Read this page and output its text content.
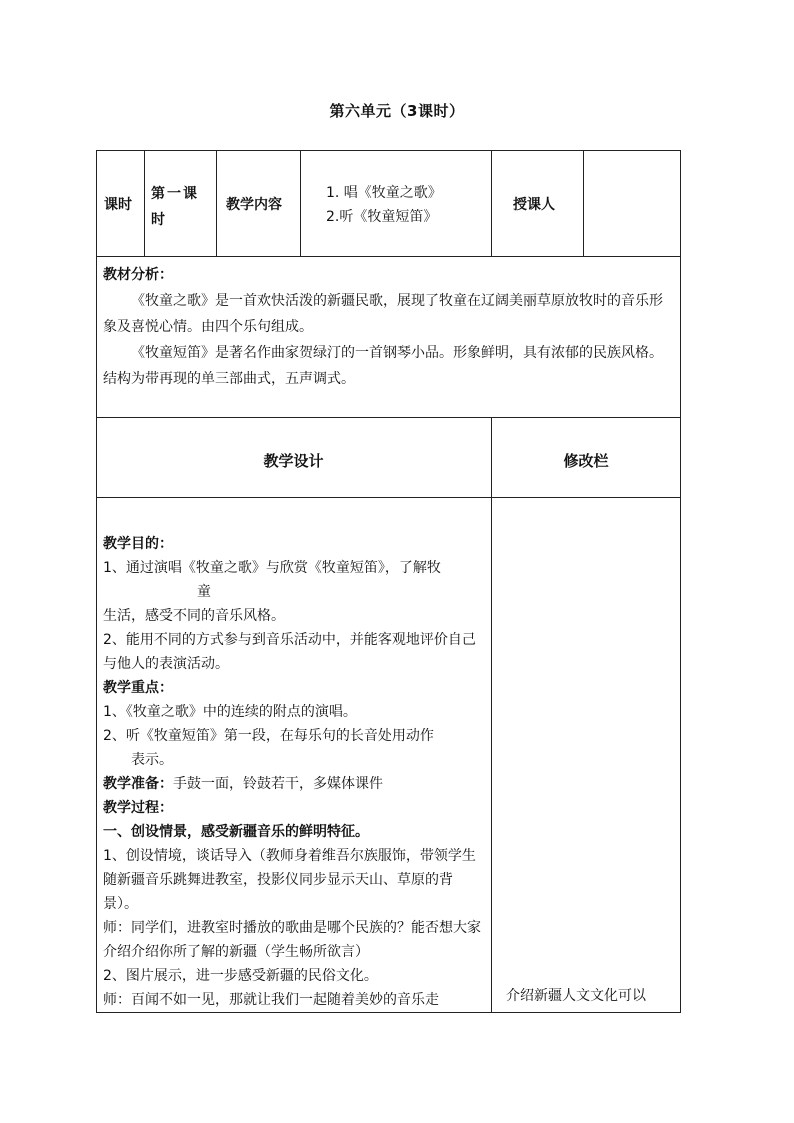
第六单元（3课时）
课时
第一课时
教学内容
1. 唱《牧童之歌》
2.听《牧童短笛》
授课人

教材分析：

《牧童之歌》是一首欢快活泼的新疆民歌，展现了牧童在辽阔美丽草原放牧时的音乐形象及喜悦心情。由四个乐句组成。

《牧童短笛》是著名作曲家贺绿汀的一首钢琴小品。形象鲜明，具有浓郁的民族风格。结构为带再现的单三部曲式，五声调式。

教学设计	修改栏

教学目的：

1、通过演唱《牧童之歌》与欣赏《牧童短笛》，了解牧

童

生活，感受不同的音乐风格。

2、能用不同的方式参与到音乐活动中，并能客观地评价自己与他人的表演活动。

教学重点：

1、《牧童之歌》中的连续的附点的演唱。

2、听《牧童短笛》第一段，在每乐句的长音处用动作

表示。

教学准备：手鼓一面，铃鼓若干，多媒体课件

教学过程：

一、创设情景，感受新疆音乐的鲜明特征。

1、创设情境，谈话导入（教师身着维吾尔族服饰，带领学生随新疆音乐跳舞进教室，投影仪同步显示天山、草原的背景）。

师：同学们，进教室时播放的歌曲是哪个民族的？能否想大家介绍介绍你所了解的新疆（学生畅所欲言）

2、图片展示，进一步感受新疆的民俗文化。

师：百闻不如一见，那就让我们一起随着美妙的音乐走	介绍新疆人文文化可以
